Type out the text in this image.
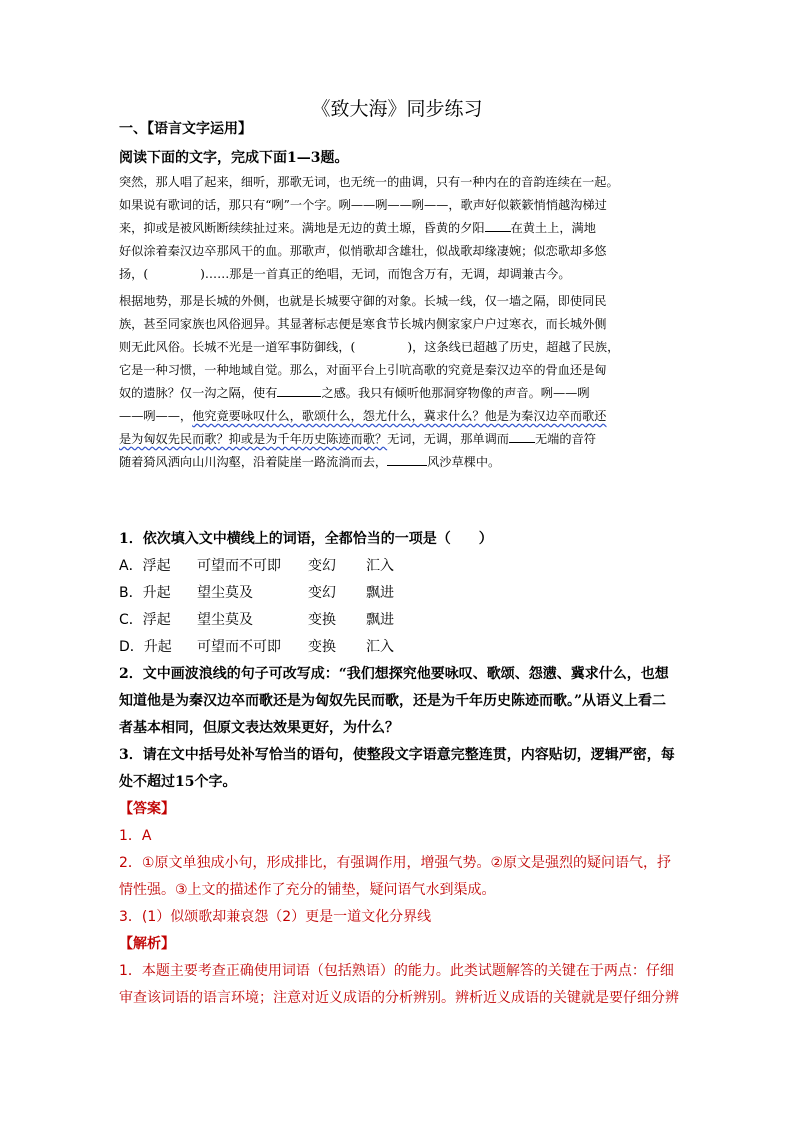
《致大海》同步练习
一、【语言文字运用】
阅读下面的文字，完成下面1—3题。
突然，那人唱了起来，细听，那歌无词，也无统一的曲调，只有一种内在的音韵连续在一起。
如果说有歌词的话，那只有“咧”一个字。咧——咧——咧——，歌声好似簌簌悄悄越沟梯过
来，抑或是被风断断续续扯过来。满地是无边的黄土塬，昏黄的夕阳 在黄土上，满地
好似涂着秦汉边卒那风干的血。那歌声，似悄歌却含雄壮，似战歌却缘凄婉；似恋歌却多悠
扬，(	)……那是一首真正的绝唱，无词，而饱含万有，无调，却调兼古今。
根据地势，那是长城的外侧，也就是长城要守御的对象。长城一线，仅一墙之隔，即使同民
族，甚至同家族也风俗迥异。其显著标志便是寒食节长城内侧家家户户过寒衣，而长城外侧
则无此风俗。长城不光是一道军事防御线，(	)，这条线已超越了历史，超越了民族，
它是一种习惯，一种地域自觉。那么，对面平台上引吭高歌的究竟是秦汉边卒的骨血还是匈
奴的遗脉？仅一沟之隔，使有	之感。我只有倾听他那洞穿物像的声音。咧——咧
——咧——，他究竟要咏叹什么，歌颂什么，怨尤什么，冀求什么？他是为秦汉边卒而歌还
是为匈奴先民而歌？抑或是为千年历史陈迹而歌？无词，无调，那单调而 无端的音符
随着猗风洒向山川沟壑，沿着陡崖一路流淌而去，	风沙草棵中。
1．依次填入文中横线上的词语，全都恰当的一项是（　　）
A．浮起 可望而不可即 变幻 汇入
B．升起 望尘莫及	变幻 飘进
C．浮起 望尘莫及	变换 飘进
D．升起 可望而不可即 变换 汇入
2．文中画波浪线的句子可改写成：“我们想探究他要咏叹、歌颂、怨懑、冀求什么，也想
知道他是为秦汉边卒而歌还是为匈奴先民而歌，还是为千年历史陈迹而歌。”从语义上看二
者基本相同，但原文表达效果更好，为什么？
3．请在文中括号处补写恰当的语句，使整段文字语意完整连贯，内容贴切，逻辑严密，每
处不超过15个字。
【答案】
1．A
2．①原文单独成小句，形成排比，有强调作用，增强气势。②原文是强烈的疑问语气，抒
情性强。③上文的描述作了充分的铺垫，疑问语气水到渠成。
3．(1）似颂歌却兼哀怨（2）更是一道文化分界线
【解析】
1．本题主要考查正确使用词语（包括熟语）的能力。此类试题解答的关键在于两点：仔细
审查该词语的语言环境；注意对近义成语的分析辨别。辨析近义成语的关键就是要仔细分辨
